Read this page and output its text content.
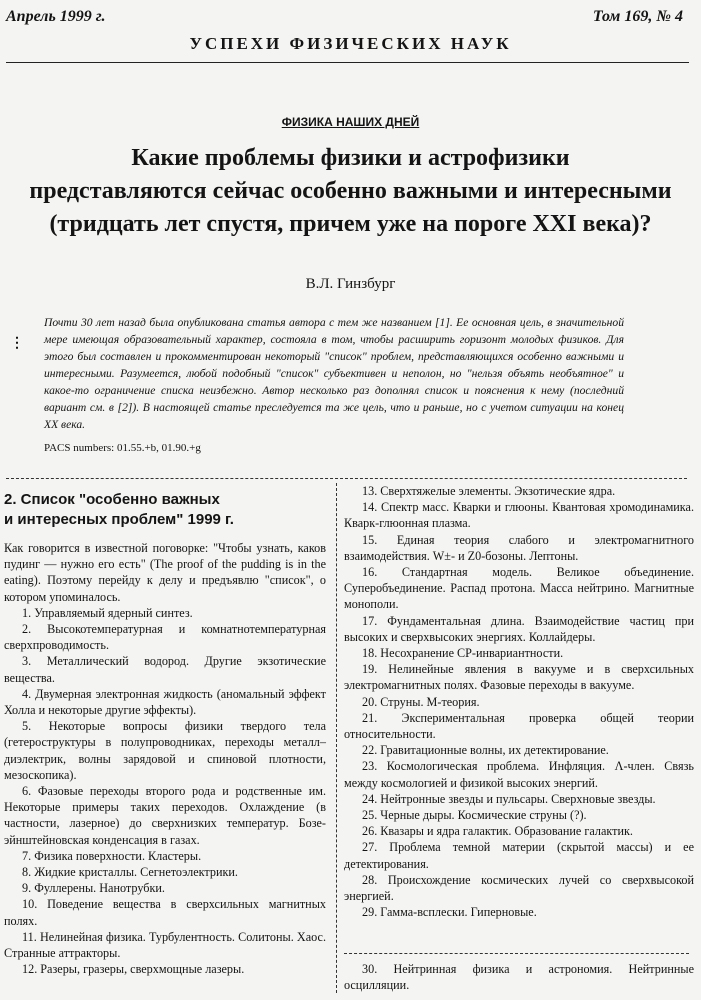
Апрель 1999 г.	Том 169, № 4
УСПЕХИ ФИЗИЧЕСКИХ НАУК
ФИЗИКА НАШИХ ДНЕЙ
Какие проблемы физики и астрофизики
представляются сейчас особенно важными и интересными
(тридцать лет спустя, причем уже на пороге XXI века)?
В.Л. Гинзбург
⋮
Почти 30 лет назад была опубликована статья автора с тем же названием [1]. Ее основная цель, в значительной мере имеющая образовательный характер, состояла в том, чтобы расширить горизонт молодых физиков. Для этого был составлен и прокомментирован некоторый "список" проблем, представляющихся особенно важными и интересными. Разумеется, любой подобный "список" субъективен и неполон, но "нельзя объять необъятное" и какое-то ограничение списка неизбежно. Автор несколько раз дополнял список и пояснения к нему (последний вариант см. в [2]). В настоящей статье преследуется та же цель, что и раньше, но с учетом ситуации на конец XX века.
PACS numbers: 01.55.+b, 01.90.+g
2. Список "особенно важных
и интересных проблем" 1999 г.

Как говорится в известной поговорке: "Чтобы узнать, каков пудинг — нужно его есть" (The proof of the pudding is in the eating). Поэтому перейду к делу и предъявлю "список", о котором упоминалось.

1. Управляемый ядерный синтез.

2. Высокотемпературная и комнатнотемпературная сверхпроводимость.

3. Металлический водород. Другие экзотические вещества.

4. Двумерная электронная жидкость (аномальный эффект Холла и некоторые другие эффекты).

5. Некоторые вопросы физики твердого тела (гетероструктуры в полупроводниках, переходы металл–диэлектрик, волны зарядовой и спиновой плотности, мезоскопика).

6. Фазовые переходы второго рода и родственные им. Некоторые примеры таких переходов. Охлаждение (в частности, лазерное) до сверхнизких температур. Бозе-эйнштейновская конденсация в газах.

7. Физика поверхности. Кластеры.

8. Жидкие кристаллы. Сегнетоэлектрики.

9. Фуллерены. Нанотрубки.

10. Поведение вещества в сверхсильных магнитных полях.

11. Нелинейная физика. Турбулентность. Солитоны. Хаос. Странные аттракторы.

12. Разеры, гразеры, сверхмощные лазеры.

13. Сверхтяжелые элементы. Экзотические ядра.

14. Спектр масс. Кварки и глюоны. Квантовая хромодинамика. Кварк-глюонная плазма.

15. Единая теория слабого и электромагнитного взаимодействия. W±- и Z0-бозоны. Лептоны.

16. Стандартная модель. Великое объединение. Суперобъединение. Распад протона. Масса нейтрино. Магнитные монополи.

17. Фундаментальная длина. Взаимодействие частиц при высоких и сверхвысоких энергиях. Коллайдеры.

18. Несохранение CP-инвариантности.

19. Нелинейные явления в вакууме и в сверхсильных электромагнитных полях. Фазовые переходы в вакууме.

20. Струны. M-теория.

21. Экспериментальная проверка общей теории относительности.

22. Гравитационные волны, их детектирование.

23. Космологическая проблема. Инфляция. Λ-член. Связь между космологией и физикой высоких энергий.

24. Нейтронные звезды и пульсары. Сверхновые звезды.

25. Черные дыры. Космические струны (?).

26. Квазары и ядра галактик. Образование галактик.

27. Проблема темной материи (скрытой массы) и ее детектирования.

28. Происхождение космических лучей со сверхвысокой энергией.

29. Гамма-всплески. Гиперновые.

30. Нейтринная физика и астрономия. Нейтринные осцилляции.
